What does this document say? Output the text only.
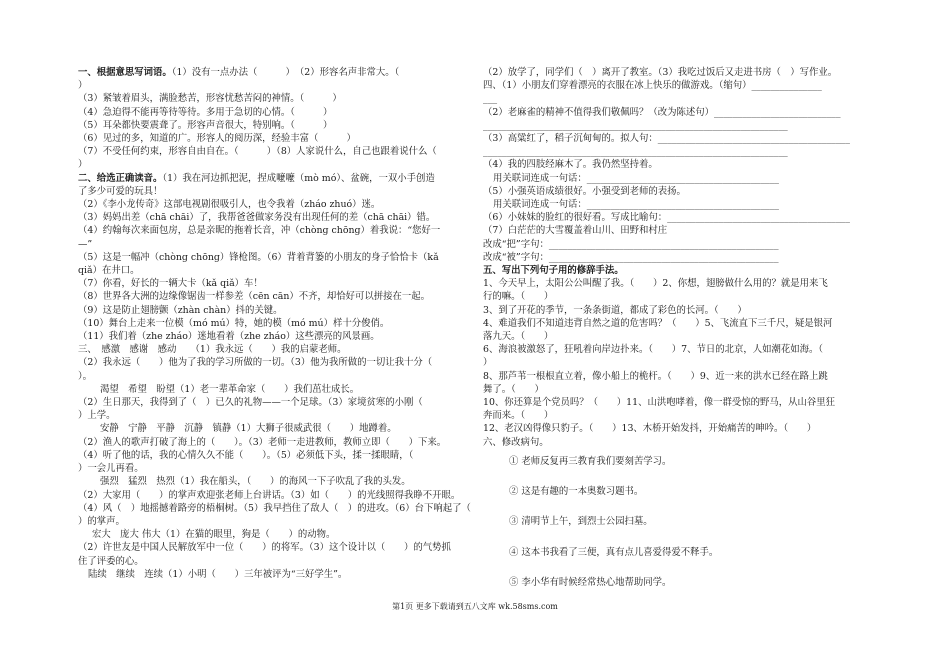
一、根据意思写词语。（1）没有一点办法（　　　）　（2）形容名声非常大。（
）
（3）紧皱着眉头，满脸愁苦，形容忧愁苦闷的神情。（　　　）
（4）急迫得不能再等待等待。多用于急切的心情。（　　　）
（5）耳朵都快要震聋了。形容声音很大，特别响。（　　　）
（6）见过的多，知道的广。形容人的阅历深，经验丰富（　　　）
（7）不受任何约束，形容自由自在。（　　　）（8）人家说什么，自己也跟着说什么（
）
二、给选正确读音。（1）我在河边抓把泥，捏成嚒嚒（mò mó）、盆碗，一双小手创造
了多少可爱的玩具！
（2）《李小龙传奇》这部电视剧很吸引人，也令我着（zháo zhuó）迷。
（3）妈妈出差（chā chāi）了，我帮爸爸做家务没有出现任何的差（chā chāi）错。
（4）约翰每次来面包房，总是亲昵的拖着长音，冲（chòng chōng）着我说：“您好一
—”
（5）这是一幅冲（chòng chōng）锋枪图。（6）背着背篓的小朋友的身子恰恰卡（kǎ
qiǎ）在井口。
（7）你看，好长的一辆大卡（kǎ qiǎ）车！
（8）世界各大洲的边缘像锯齿一样参差（cēn cān）不齐，却恰好可以拼接在一起。
（9）这是防止翅膀颤（zhàn chàn）抖的关键。
（10）舞台上走来一位模（mó mú）特，她的模（mó mú）样十分俊俏。
（11）我们着（zhe zháo）迷地看着（zhe zháo）这些漂亮的风景画。
三、　感激　感谢　感动　　（1）我永远（　　）我的启蒙老师。
（2）我永远（　　）他为了我的学习所做的一切。（3）他为我所做的一切让我十分（
）。
渴望　希望　盼望（1）老一辈革命家（　　）我们茁壮成长。
（2）生日那天，我得到了（　）已久的礼物——一个足球。（3）家境贫寒的小刚（
）上学。
安静　宁静　平静　沉静　镇静（1）大狮子很威武很（　　）地蹲着。
（2）渔人的歌声打破了海上的（　　）。（3）老师一走进教师，教师立即（　　）下来。
（4）听了他的话，我的心情久久不能（　　）。（5）必须低下头，揉一揉眼睛，（
）一会儿再看。
强烈　猛烈　热烈（1）我在船头，（　　）的海风一下子吹乱了我的头发。
（2）大家用（　　）的掌声欢迎张老师上台讲话。（3）如（　　）的光线照得我睁不开眼。
（4）风（　）地摇撼着路旁的梧桐树。（5）我早挡住了敌人（　）的进攻。（6）台下响起了（
）的掌声。
宏大　庞大 伟大（1）在猫的眼里，狗是（　　）的动物。
（2）许世友是中国人民解放军中一位（　　）的将军。（3）这个设计以（　　）的气势抓
住了评委的心。
陆续　继续　连续（1）小明（　　）三年被评为“三好学生”。
（2）放学了，同学们（　）离开了教室。（3）我吃过饭后又走进书房（　）写作业。
四、（1）小朋友们穿着漂亮的衣服在冰上快乐的做游戏。（缩句）_______________
___
（2）老麻雀的精神不值得我们敬佩吗？（改为陈述句）___________________________
_________________________________________________________________
（3）高粱红了，稻子沉甸甸的。拟人句：_________________________________________
_________________________________________________________________
（4）我的四肢经麻木了。我仍然坚持着。
用关联词连成一句话：_________________________________________
（5）小强英语成绩很好。小强受到老师的表扬。
用关联词连成一句话：_________________________________________
（6）小妹妹的脸红的很好看。写成比喻句：_______________________________________
（7）白茫茫的大雪覆盖着山川、田野和村庄
改成“把”字句：_________________________________________________
改成“被”字句：_________________________________________________
五、写出下列句子用的修辞手法。
1、今天早上，太阳公公叫醒了我。（　　）2、你想，翅膀做什么用的？就是用来飞
行的嘛。（　　）
3、到了开花的季节，一条条街道，都成了彩色的长河。（　　）
4、难道我们不知道违背自然之道的危害吗？（　　）5、飞流直下三千尺，疑是银河
落九天。（　　）
6、海浪被激怒了，狂吼着向岸边扑来。（　　）7、节日的北京，人如潮花如海。（
）
8、那芦苇一根根直立着，像小船上的桅杆。（　　）9、近一来的洪水已经在路上跳
舞了。（　　）
10、你还算是个党员吗？（　　）11、山洪咆哮着，像一群受惊的野马，从山谷里狂
奔而来。（　　）
12、老汉凶得像只豹子。（　　）13、木桥开始发抖，开始痛苦的呻吟。（　　）
六、修改病句。
① 老师反复再三教育我们要刻苦学习。
② 这是有趣的一本奥数习题书。
③ 清明节上午，到烈士公园扫墓。
④ 这本书我看了三便，真有点儿喜爱得爱不释手。
⑤ 李小华有时候经常热心地帮助同学。
第1页 更多下载请到五八文库 wk.58sms.com
